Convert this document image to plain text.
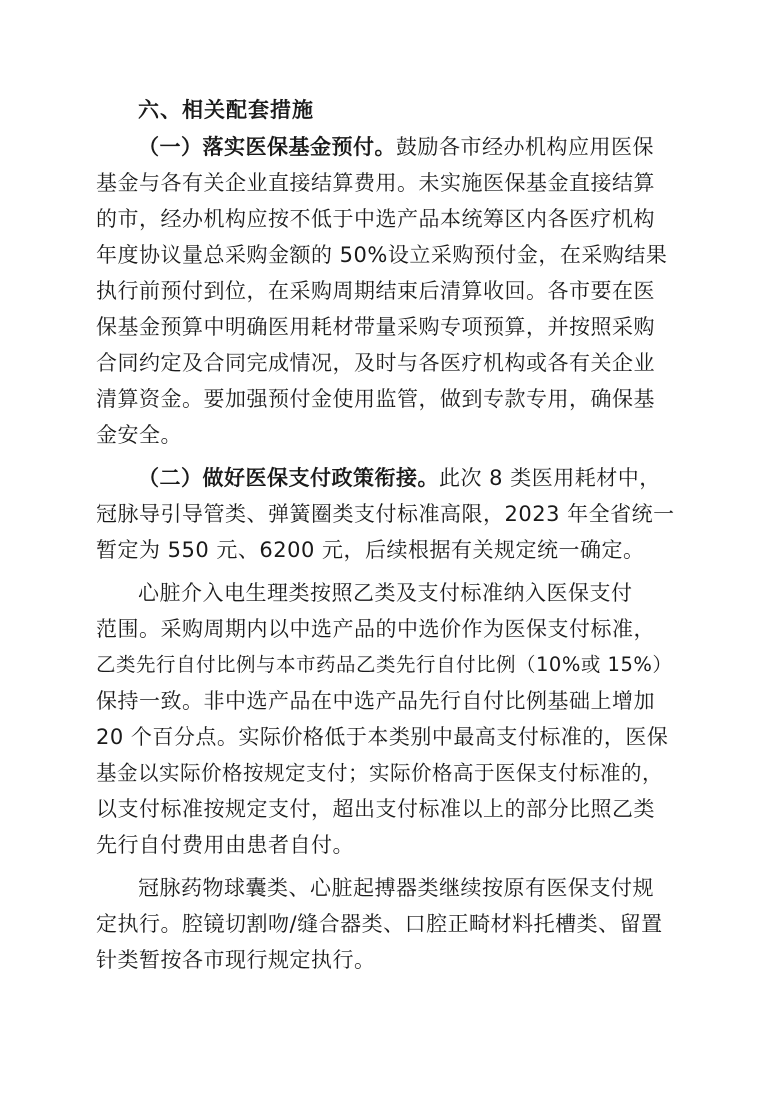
六、相关配套措施
（一）落实医保基金预付。鼓励各市经办机构应用医保
基金与各有关企业直接结算费用。未实施医保基金直接结算
的市，经办机构应按不低于中选产品本统筹区内各医疗机构
年度协议量总采购金额的 50%设立采购预付金，在采购结果
执行前预付到位，在采购周期结束后清算收回。各市要在医
保基金预算中明确医用耗材带量采购专项预算，并按照采购
合同约定及合同完成情况，及时与各医疗机构或各有关企业
清算资金。要加强预付金使用监管，做到专款专用，确保基
金安全。
（二）做好医保支付政策衔接。此次 8 类医用耗材中，
冠脉导引导管类、弹簧圈类支付标准高限，2023 年全省统一
暂定为 550 元、6200 元，后续根据有关规定统一确定。
心脏介入电生理类按照乙类及支付标准纳入医保支付
范围。采购周期内以中选产品的中选价作为医保支付标准，
乙类先行自付比例与本市药品乙类先行自付比例（10%或 15%）
保持一致。非中选产品在中选产品先行自付比例基础上增加
20 个百分点。实际价格低于本类别中最高支付标准的，医保
基金以实际价格按规定支付；实际价格高于医保支付标准的，
以支付标准按规定支付，超出支付标准以上的部分比照乙类
先行自付费用由患者自付。
冠脉药物球囊类、心脏起搏器类继续按原有医保支付规
定执行。腔镜切割吻/缝合器类、口腔正畸材料托槽类、留置
针类暂按各市现行规定执行。
